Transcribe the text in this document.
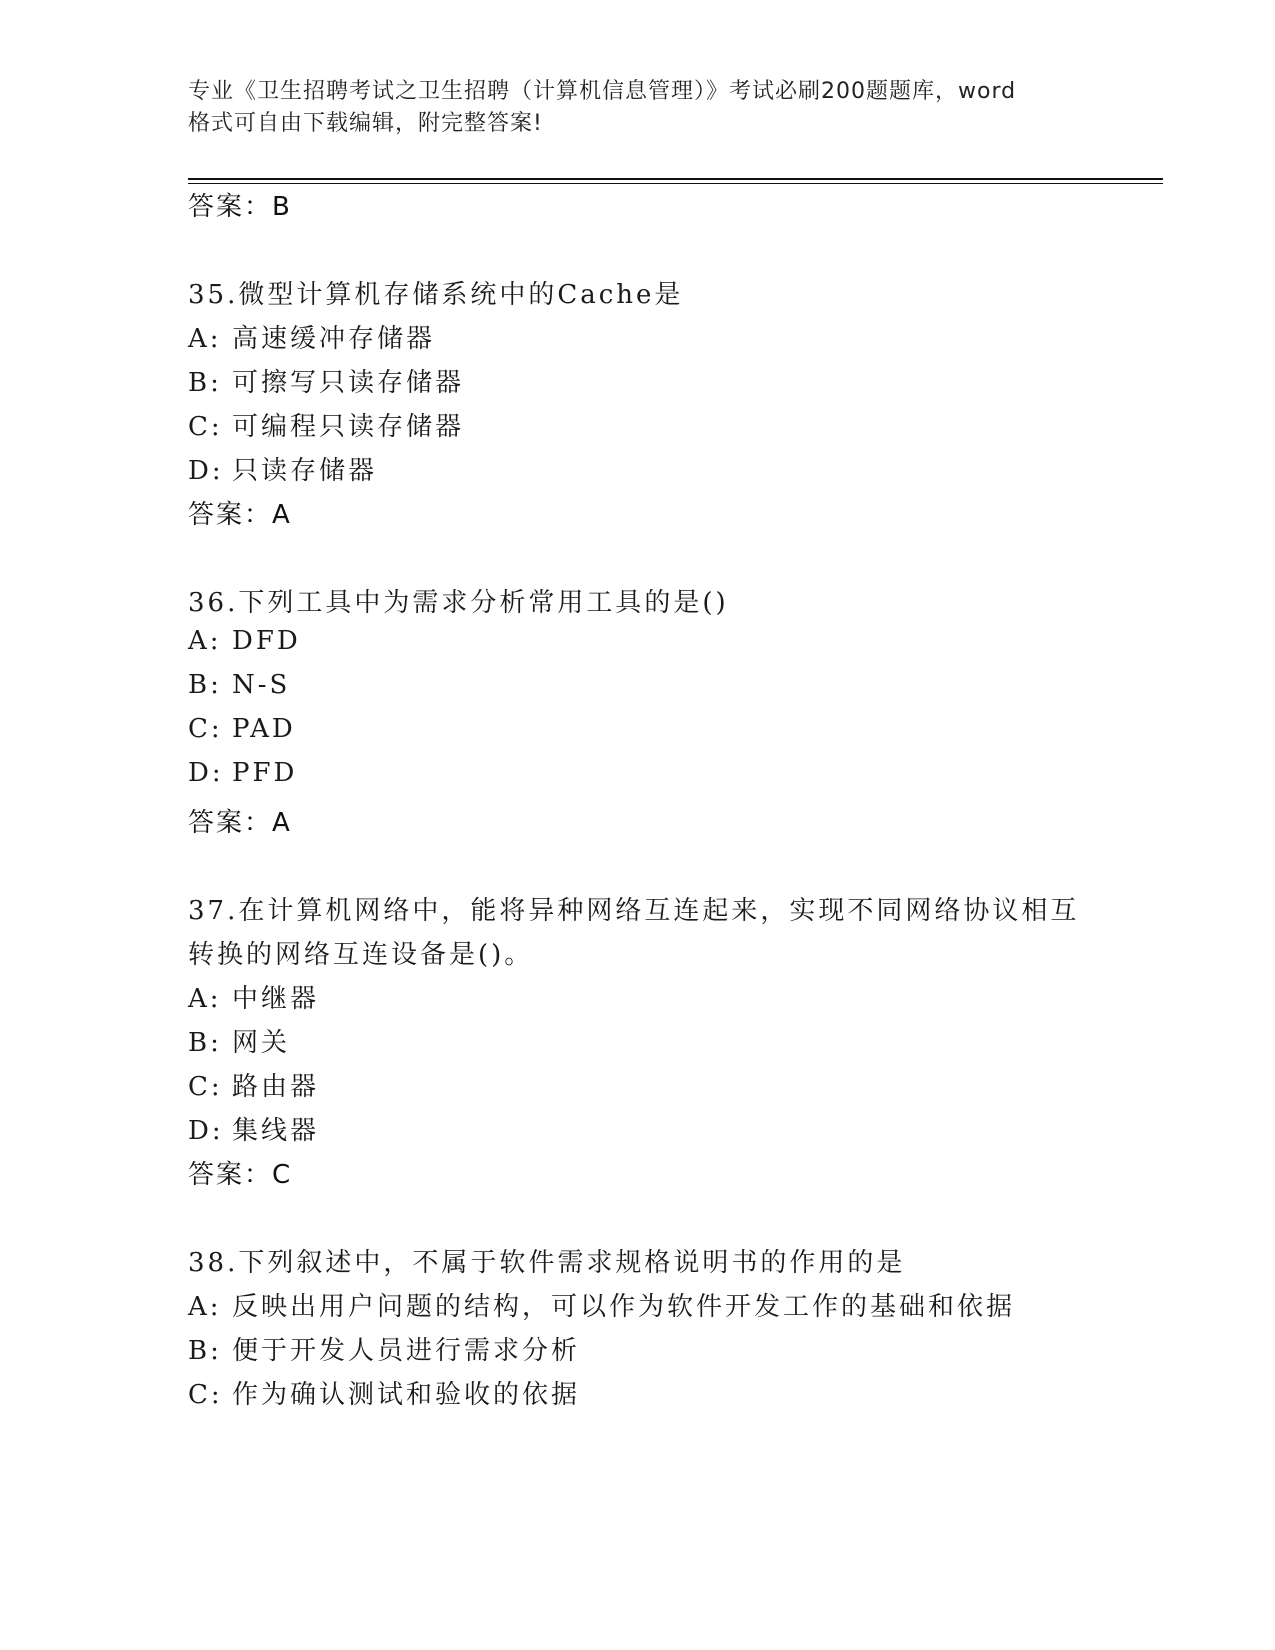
专业《卫生招聘考试之卫生招聘（计算机信息管理）》考试必刷200题题库，word
格式可自由下载编辑，附完整答案!
答案：B
35.微型计算机存储系统中的Cache是
A: 高速缓冲存储器
B: 可擦写只读存储器
C: 可编程只读存储器
D: 只读存储器
答案：A
36.下列工具中为需求分析常用工具的是()
A: DFD
B: N-S
C: PAD
D: PFD
答案：A
37.在计算机网络中，能将异种网络互连起来，实现不同网络协议相互
转换的网络互连设备是()。
A: 中继器
B: 网关
C: 路由器
D: 集线器
答案：C
38.下列叙述中，不属于软件需求规格说明书的作用的是
A: 反映出用户问题的结构，可以作为软件开发工作的基础和依据
B: 便于开发人员进行需求分析
C: 作为确认测试和验收的依据
